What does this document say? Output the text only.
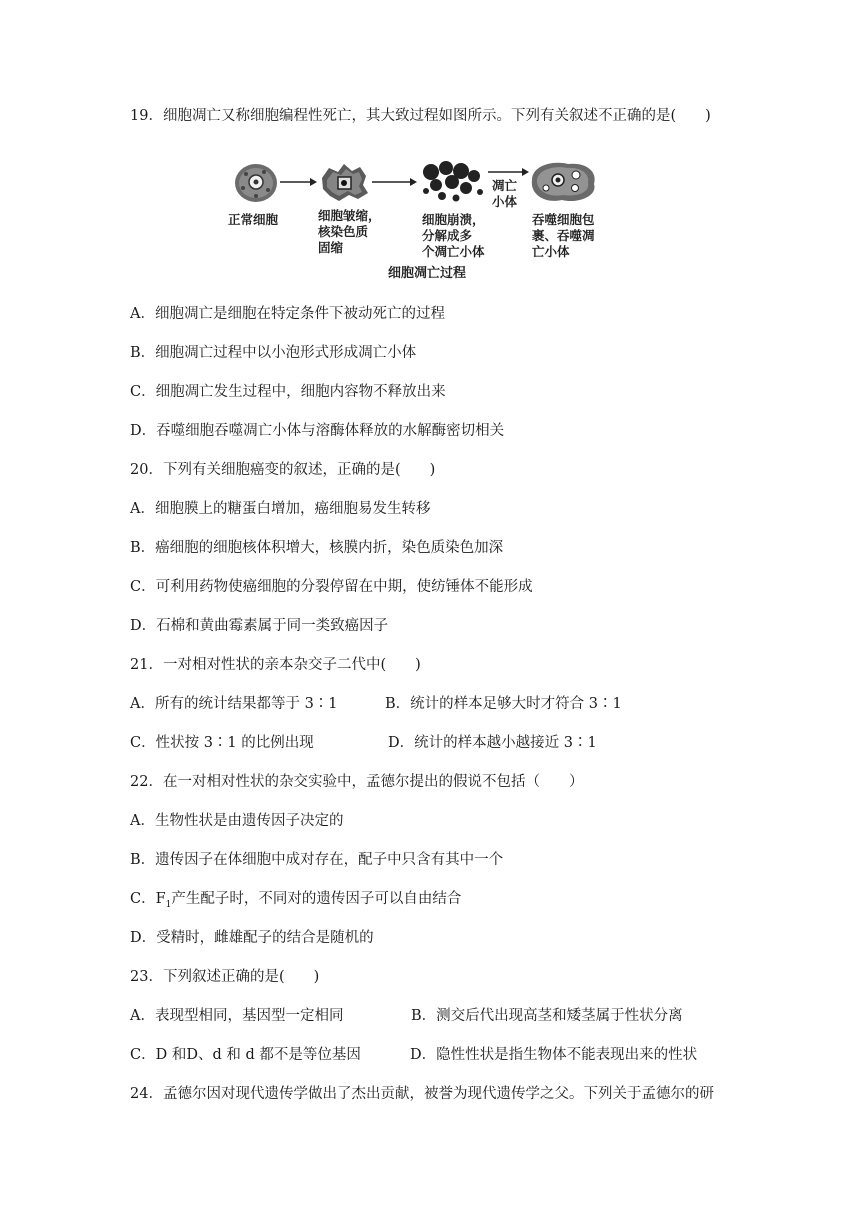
19．细胞凋亡又称细胞编程性死亡，其大致过程如图所示。下列有关叙述不正确的是(　　)
正常细胞	细胞皱缩，
核染色质
固缩
细胞崩溃，
分解成多
个凋亡小体
凋亡
小体
吞噬细胞包
裹、吞噬凋
亡小体
细胞凋亡过程
A．细胞凋亡是细胞在特定条件下被动死亡的过程
B．细胞凋亡过程中以小泡形式形成凋亡小体
C．细胞凋亡发生过程中，细胞内容物不释放出来
D．吞噬细胞吞噬凋亡小体与溶酶体释放的水解酶密切相关
20．下列有关细胞癌变的叙述，正确的是(　　)
A．细胞膜上的糖蛋白增加，癌细胞易发生转移
B．癌细胞的细胞核体积增大，核膜内折，染色质染色加深
C．可利用药物使癌细胞的分裂停留在中期，使纺锤体不能形成
D．石棉和黄曲霉素属于同一类致癌因子
21．一对相对性状的亲本杂交子二代中(　　)
A．所有的统计结果都等于 3∶1	B．统计的样本足够大时才符合 3∶1
C．性状按 3∶1 的比例出现	D．统计的样本越小越接近 3∶1
22．在一对相对性状的杂交实验中，孟德尔提出的假说不包括（　　）
A．生物性状是由遗传因子决定的
B．遗传因子在体细胞中成对存在，配子中只含有其中一个
C．$F_1$产生配子时，不同对的遗传因子可以自由结合
D．受精时，雌雄配子的结合是随机的
23．下列叙述正确的是(　　)
A．表现型相同，基因型一定相同	B．测交后代出现高茎和矮茎属于性状分离
C．D 和D、d 和 d 都不是等位基因	D．隐性性状是指生物体不能表现出来的性状
24．孟德尔因对现代遗传学做出了杰出贡献，被誉为现代遗传学之父。下列关于孟德尔的研
